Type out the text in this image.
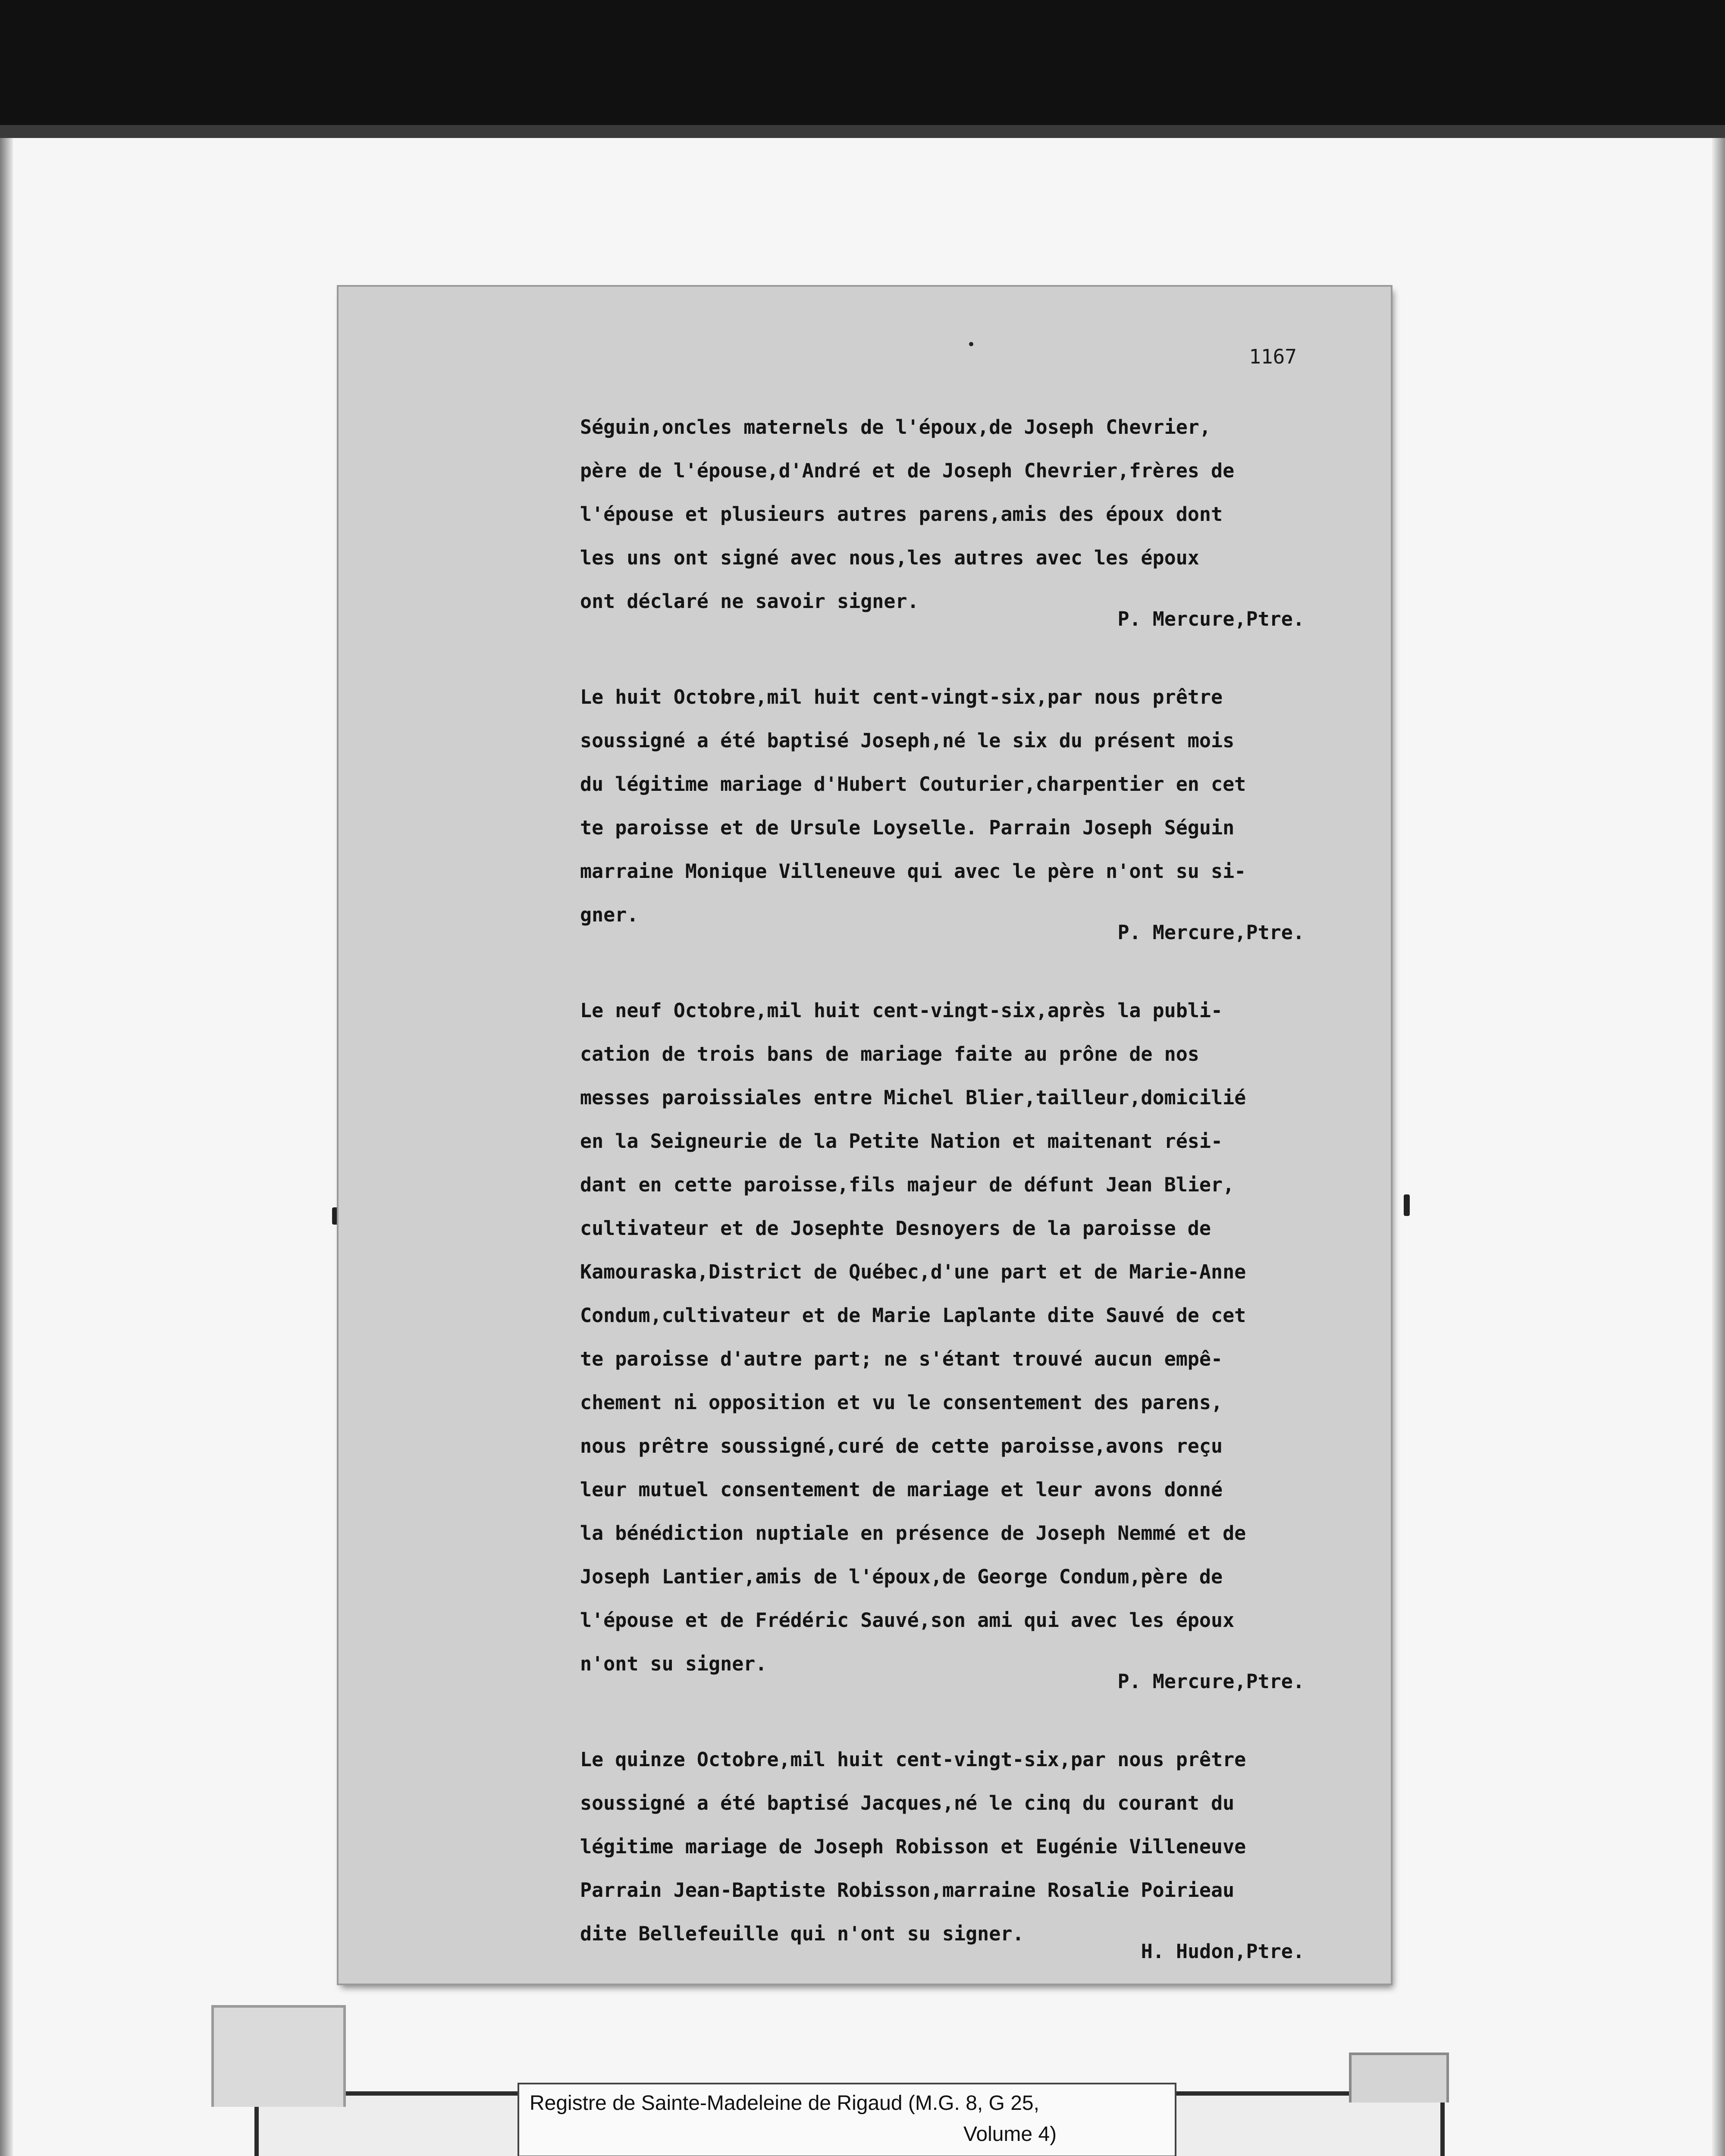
1167
Séguin,oncles maternels de l'époux,de Joseph Chevrier,
père de l'épouse,d'André et de Joseph Chevrier,frères de
l'épouse et plusieurs autres parens,amis des époux dont
les uns ont signé avec nous,les autres avec les époux
ont déclaré ne savoir signer.
P. Mercure,Ptre.
Le huit Octobre,mil huit cent-vingt-six,par nous prêtre
soussigné a été baptisé Joseph,né le six du présent mois
du légitime mariage d'Hubert Couturier,charpentier en cet
te paroisse et de Ursule Loyselle. Parrain Joseph Séguin
marraine Monique Villeneuve qui avec le père n'ont su si-
gner.
P. Mercure,Ptre.
Le neuf Octobre,mil huit cent-vingt-six,après la publi-
cation de trois bans de mariage faite au prône de nos
messes paroissiales entre Michel Blier,tailleur,domicilié
en la Seigneurie de la Petite Nation et maitenant rési-
dant en cette paroisse,fils majeur de défunt Jean Blier,
cultivateur et de Josephte Desnoyers de la paroisse de
Kamouraska,District de Québec,d'une part et de Marie-Anne
Condum,cultivateur et de Marie Laplante dite Sauvé de cet
te paroisse d'autre part; ne s'étant trouvé aucun empê-
chement ni opposition et vu le consentement des parens,
nous prêtre soussigné,curé de cette paroisse,avons reçu
leur mutuel consentement de mariage et leur avons donné
la bénédiction nuptiale en présence de Joseph Nemmé et de
Joseph Lantier,amis de l'époux,de George Condum,père de
l'épouse et de Frédéric Sauvé,son ami qui avec les époux
n'ont su signer.
P. Mercure,Ptre.
Le quinze Octobre,mil huit cent-vingt-six,par nous prêtre
soussigné a été baptisé Jacques,né le cinq du courant du
légitime mariage de Joseph Robisson et Eugénie Villeneuve
Parrain Jean-Baptiste Robisson,marraine Rosalie Poirieau
dite Bellefeuille qui n'ont su signer.
H. Hudon,Ptre.
Registre de Sainte-Madeleine de Rigaud (M.G. 8, G 25,
Volume 4)
